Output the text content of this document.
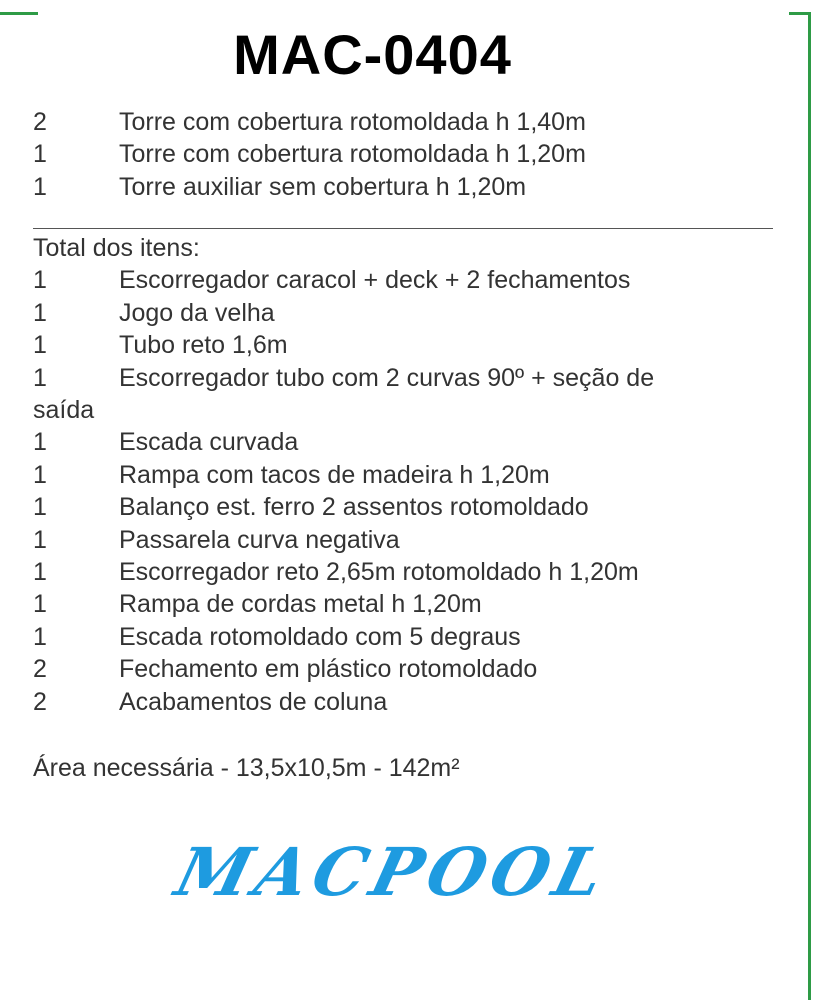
MAC-0404
2	Torre com cobertura rotomoldada h 1,40m
1	Torre com cobertura rotomoldada h 1,20m
1	Torre auxiliar sem cobertura h 1,20m
Total dos itens:
1	Escorregador caracol + deck + 2 fechamentos
1	Jogo da velha
1	Tubo reto 1,6m
1	Escorregador tubo com 2 curvas 90º + seção de
saída
1	Escada curvada
1	Rampa com tacos de madeira h 1,20m
1	Balanço est. ferro 2 assentos rotomoldado
1	Passarela curva negativa
1	Escorregador reto 2,65m rotomoldado h 1,20m
1	Rampa de cordas metal h 1,20m
1	Escada rotomoldado com 5 degraus
2	Fechamento em plástico rotomoldado
2	Acabamentos de coluna
Área necessária - 13,5x10,5m - 142m²
MACPOOL
